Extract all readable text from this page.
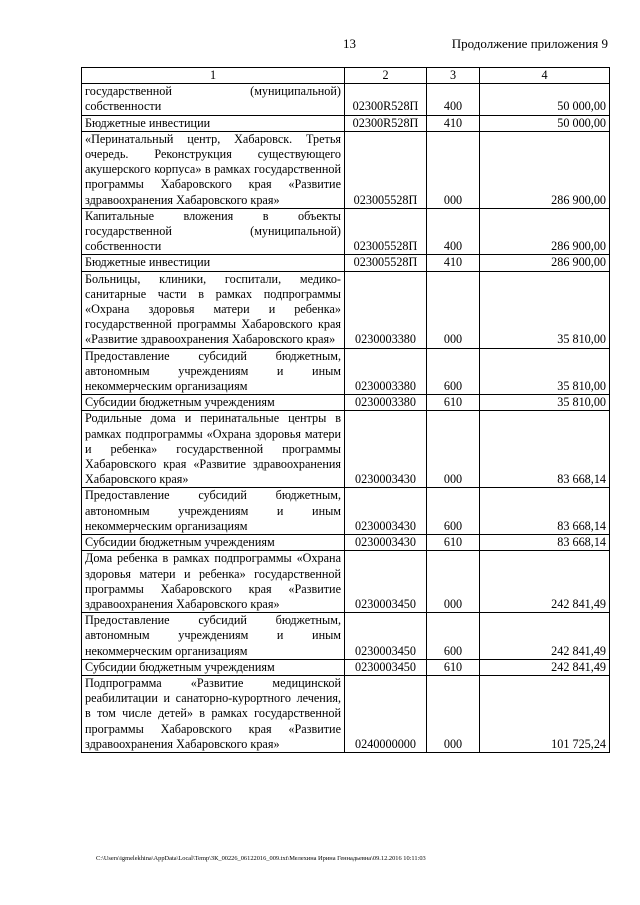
13	Продолжение приложения 9
1	2	3	4
государственной (муниципальной) собственности	02300R528П	400	50 000,00
Бюджетные инвестиции	02300R528П	410	50 000,00
«Перинатальный центр, Хабаровск. Третья очередь. Реконструкция существующего акушерского корпуса» в рамках государственной программы Хабаровского края «Развитие здравоохранения Хабаровского края»	023005528П	000	286 900,00
Капитальные вложения в объекты государственной (муниципальной) собственности	023005528П	400	286 900,00
Бюджетные инвестиции	023005528П	410	286 900,00
Больницы, клиники, госпитали, медико-санитарные части в рамках подпрограммы «Охрана здоровья матери и ребенка» государственной программы Хабаровского края «Развитие здравоохранения Хабаровского края»	0230003380	000	35 810,00
Предоставление субсидий бюджетным, автономным учреждениям и иным некоммерческим организациям	0230003380	600	35 810,00
Субсидии бюджетным учреждениям	0230003380	610	35 810,00
Родильные дома и перинатальные центры в рамках подпрограммы «Охрана здоровья матери и ребенка» государственной программы Хабаровского края «Развитие здравоохранения Хабаровского края»	0230003430	000	83 668,14
Предоставление субсидий бюджетным, автономным учреждениям и иным некоммерческим организациям	0230003430	600	83 668,14
Субсидии бюджетным учреждениям	0230003430	610	83 668,14
Дома ребенка в рамках подпрограммы «Охрана здоровья матери и ребенка» государственной программы Хабаровского края «Развитие здравоохранения Хабаровского края»	0230003450	000	242 841,49
Предоставление субсидий бюджетным, автономным учреждениям и иным некоммерческим организациям	0230003450	600	242 841,49
Субсидии бюджетным учреждениям	0230003450	610	242 841,49
Подпрограмма «Развитие медицинской реабилитации и санаторно-курортного лечения, в том числе детей» в рамках государственной программы Хабаровского края «Развитие здравоохранения Хабаровского края»	0240000000	000	101 725,24
C:\Users\igmelekhina\AppData\Local\Temp\ЗК_00226_06122016_009.txt\Мелехина Ирина Геннадьевна\09.12.2016 10:11:03
